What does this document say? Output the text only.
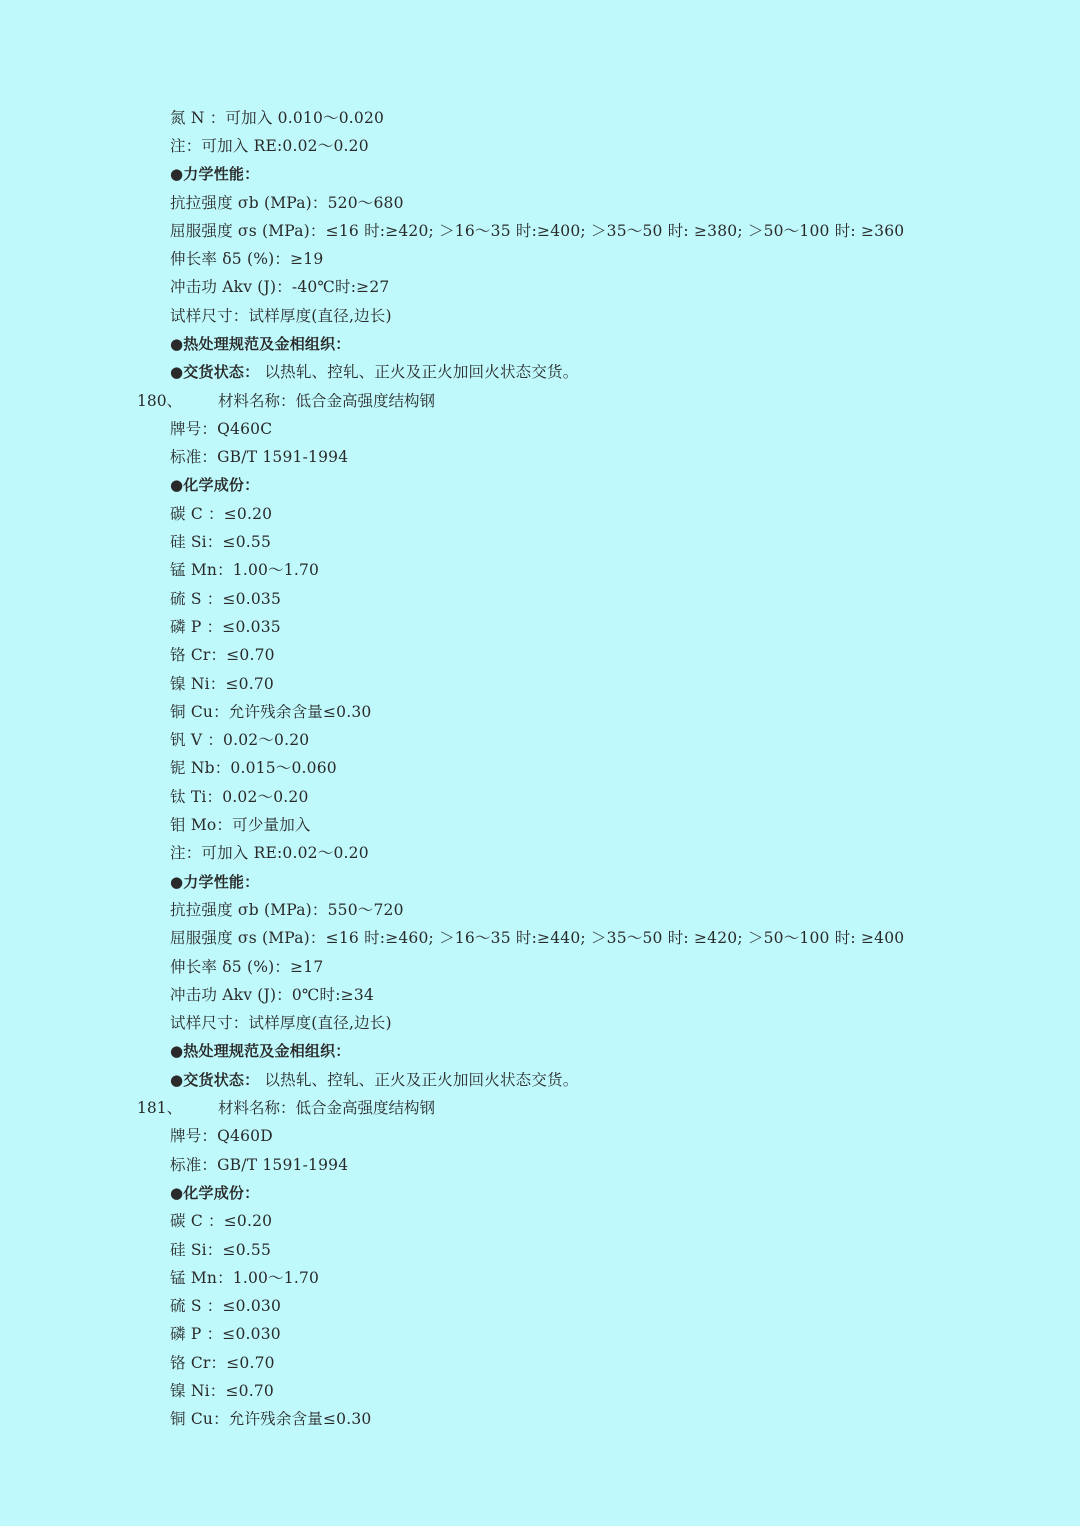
氮 N ：可加入 0.010～0.020
注：可加入 RE:0.02～0.20
●力学性能：
抗拉强度 σb (MPa)：520～680
屈服强度 σs (MPa)：≤16 时:≥420; ＞16～35 时:≥400; ＞35～50 时: ≥380; ＞50～100 时: ≥360
伸长率 δ5 (%)：≥19
冲击功 Akv (J)：-40℃时:≥27
试样尺寸：试样厚度(直径,边长)
●热处理规范及金相组织：
●交货状态： 以热轧、控轧、正火及正火加回火状态交货。
180、 材料名称：低合金高强度结构钢
牌号：Q460C
标准：GB/T 1591-1994
●化学成份：
碳 C ：≤0.20
硅 Si：≤0.55
锰 Mn：1.00～1.70
硫 S ：≤0.035
磷 P ：≤0.035
铬 Cr：≤0.70
镍 Ni：≤0.70
铜 Cu：允许残余含量≤0.30
钒 V ：0.02～0.20
铌 Nb：0.015～0.060
钛 Ti：0.02～0.20
钼 Mo：可少量加入
注：可加入 RE:0.02～0.20
●力学性能：
抗拉强度 σb (MPa)：550～720
屈服强度 σs (MPa)：≤16 时:≥460; ＞16～35 时:≥440; ＞35～50 时: ≥420; ＞50～100 时: ≥400
伸长率 δ5 (%)：≥17
冲击功 Akv (J)：0℃时:≥34
试样尺寸：试样厚度(直径,边长)
●热处理规范及金相组织：
●交货状态： 以热轧、控轧、正火及正火加回火状态交货。
181、 材料名称：低合金高强度结构钢
牌号：Q460D
标准：GB/T 1591-1994
●化学成份：
碳 C ：≤0.20
硅 Si：≤0.55
锰 Mn：1.00～1.70
硫 S ：≤0.030
磷 P ：≤0.030
铬 Cr：≤0.70
镍 Ni：≤0.70
铜 Cu：允许残余含量≤0.30
